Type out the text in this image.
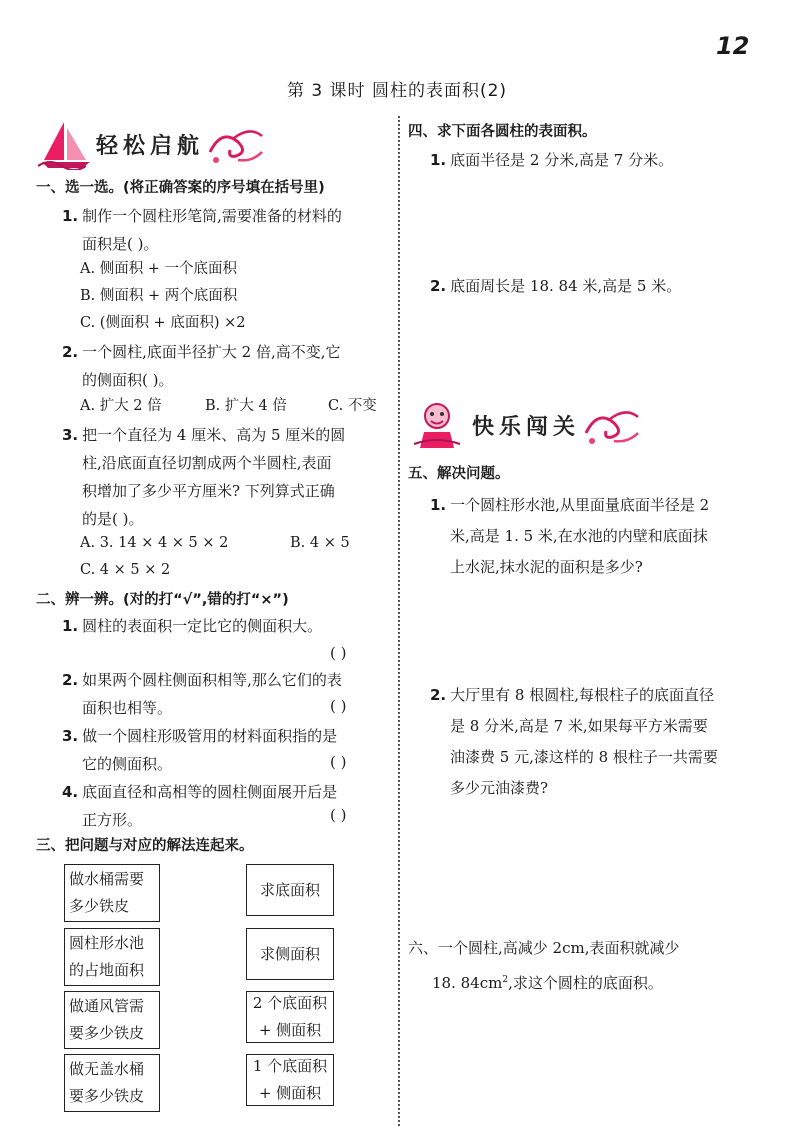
12
第 3 课时 圆柱的表面积(2)
轻松启航
一、选一选。(将正确答案的序号填在括号里)
1. 制作一个圆柱形笔筒,需要准备的材料的
面积是( )。
A. 侧面积 + 一个底面积
B. 侧面积 + 两个底面积
C. (侧面积 + 底面积) ×2
2. 一个圆柱,底面半径扩大 2 倍,高不变,它
的侧面积( )。
A. 扩大 2 倍	B. 扩大 4 倍	C. 不变
3. 把一个直径为 4 厘米、高为 5 厘米的圆
柱,沿底面直径切割成两个半圆柱,表面
积增加了多少平方厘米? 下列算式正确
的是( )。
A. 3. 14 × 4 × 5 × 2	B. 4 × 5
C. 4 × 5 × 2
二、辨一辨。(对的打“√”,错的打“×”)
1. 圆柱的表面积一定比它的侧面积大。
( )
2. 如果两个圆柱侧面积相等,那么它们的表
面积也相等。	( )
3. 做一个圆柱形吸管用的材料面积指的是
它的侧面积。	( )
4. 底面直径和高相等的圆柱侧面展开后是
正方形。	( )
三、把问题与对应的解法连起来。
做水桶需要
多少铁皮
圆柱形水池
的占地面积
做通风管需
要多少铁皮
做无盖水桶
要多少铁皮
求底面积
求侧面积
2 个底面积
+ 侧面积
1 个底面积
+ 侧面积
四、求下面各圆柱的表面积。
1. 底面半径是 2 分米,高是 7 分米。
2. 底面周长是 18. 84 米,高是 5 米。
快乐闯关
五、解决问题。
1. 一个圆柱形水池,从里面量底面半径是 2
米,高是 1. 5 米,在水池的内壁和底面抹
上水泥,抹水泥的面积是多少?
2. 大厅里有 8 根圆柱,每根柱子的底面直径
是 8 分米,高是 7 米,如果每平方米需要
油漆费 5 元,漆这样的 8 根柱子一共需要
多少元油漆费?
六、一个圆柱,高减少 2cm,表面积就减少
18. $84cm^2$,求这个圆柱的底面积。
